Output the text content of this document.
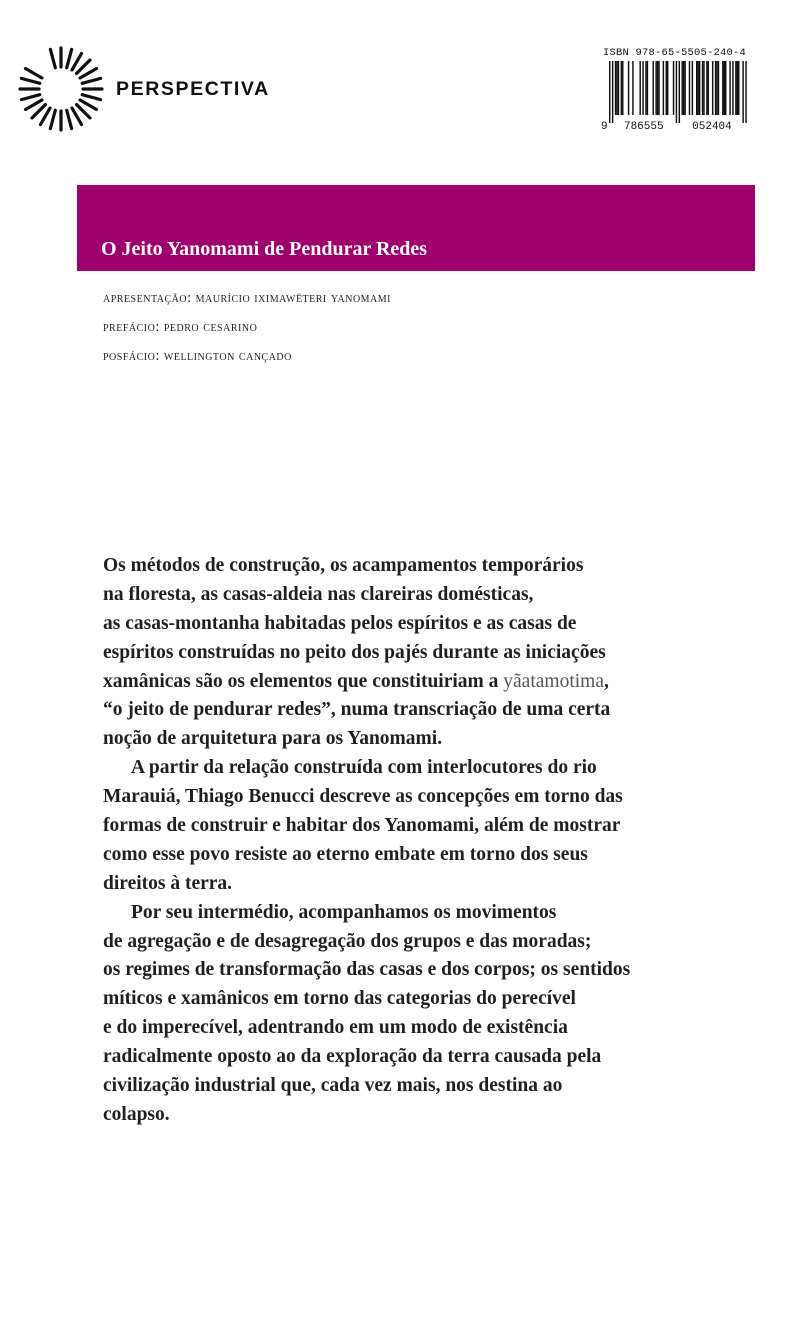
PERSPECTIVA
ISBN 978-65-5505-240-4
9 786555	052404
O Jeito Yanomami de Pendurar Redes
apresentação: maurício iximawëteri yanomami
prefácio: pedro cesarino
posfácio: wellington cançado
Os métodos de construção, os acampamentos temporários
na floresta, as casas-aldeia nas clareiras domésticas,
as casas-montanha habitadas pelos espíritos e as casas de
espíritos construídas no peito dos pajés durante as iniciações
xamânicas são os elementos que constituiriam a yãatamotima,
“o jeito de pendurar redes”, numa transcriação de uma certa
noção de arquitetura para os Yanomami.
A partir da relação construída com interlocutores do rio
Marauiá, Thiago Benucci descreve as concepções em torno das
formas de construir e habitar dos Yanomami, além de mostrar
como esse povo resiste ao eterno embate em torno dos seus
direitos à terra.
Por seu intermédio, acompanhamos os movimentos
de agregação e de desagregação dos grupos e das moradas;
os regimes de transformação das casas e dos corpos; os sentidos
míticos e xamânicos em torno das categorias do perecível
e do imperecível, adentrando em um modo de existência
radicalmente oposto ao da exploração da terra causada pela
civilização industrial que, cada vez mais, nos destina ao
colapso.
